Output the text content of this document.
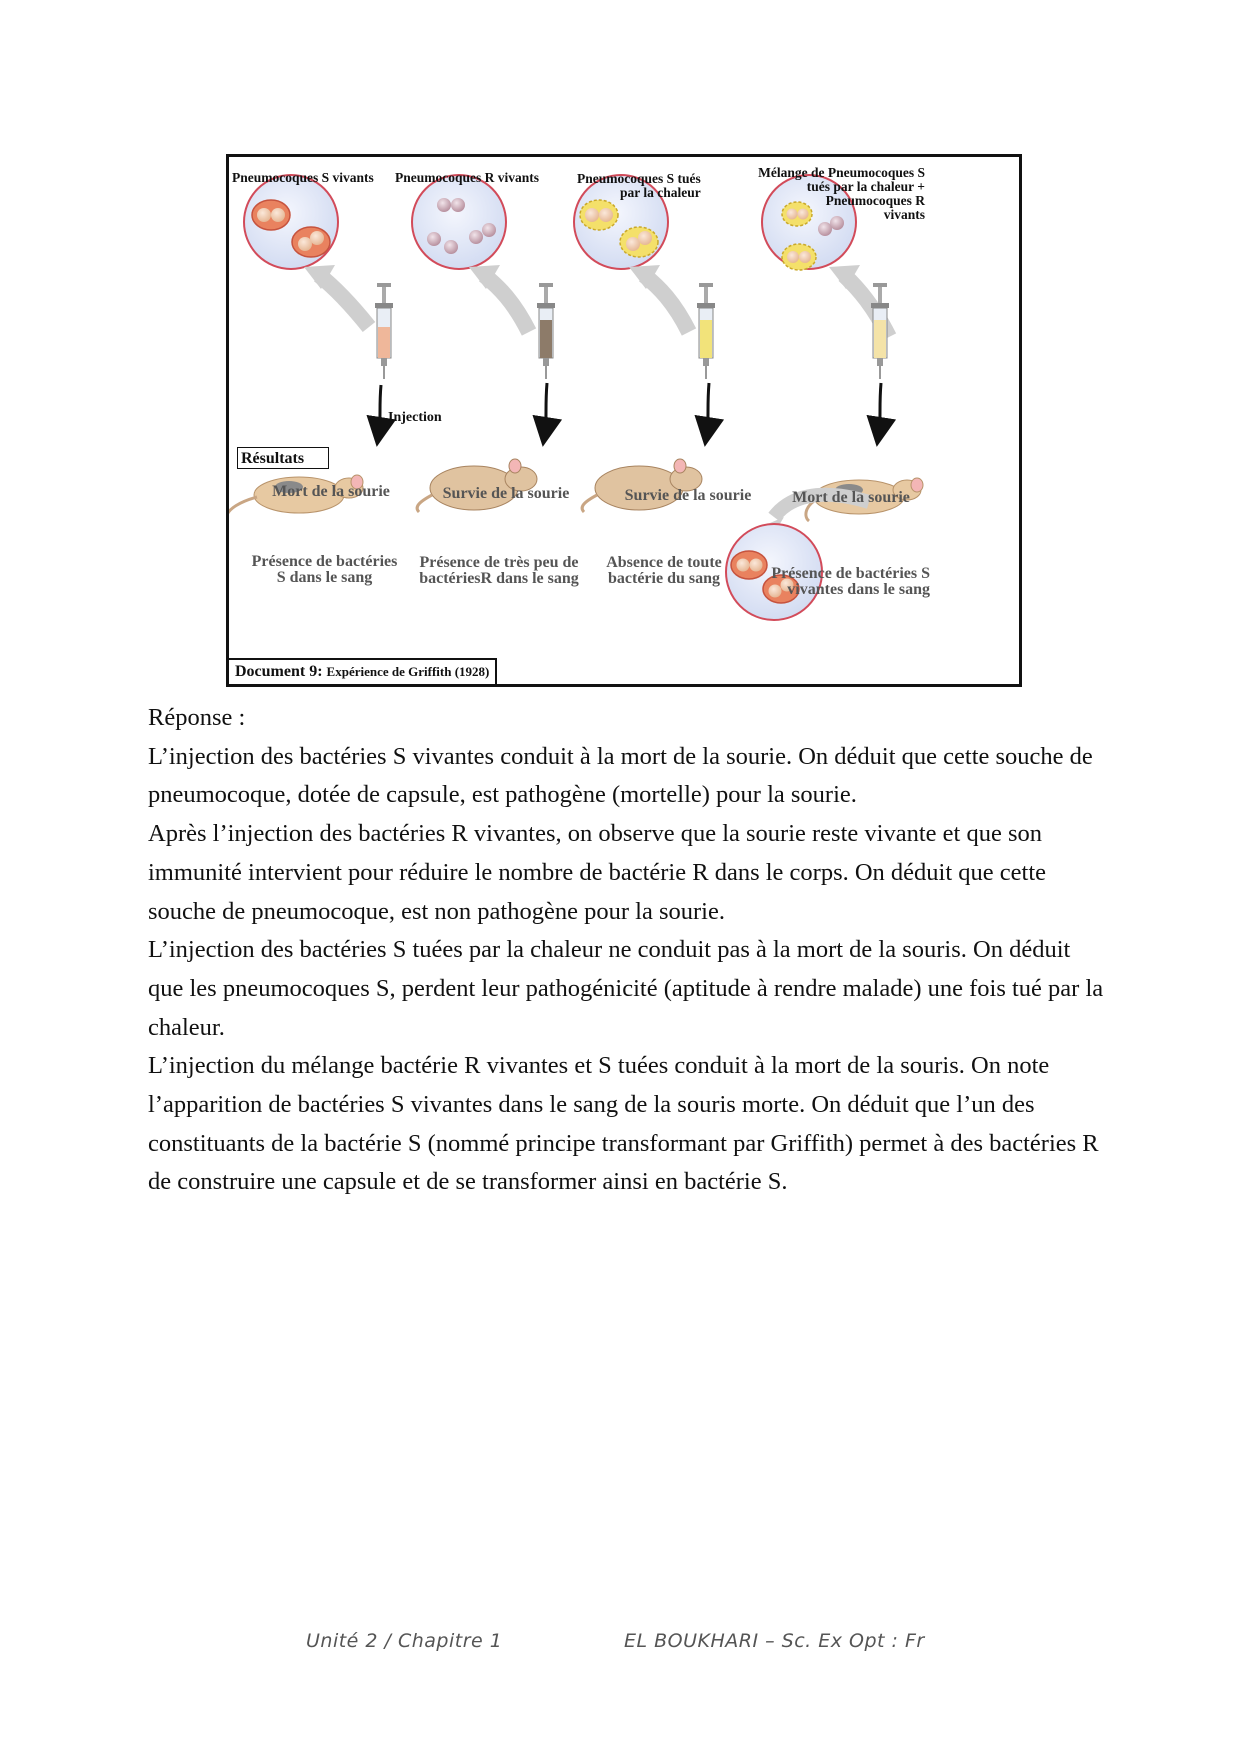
Pneumocoques S vivants Pneumocoques R vivants	Pneumocoques S tués
par la chaleur
Mélange de Pneumocoques S
tués par la chaleur +
Pneumocoques R
vivants
Injection
Résultats
Mort de la sourie	Survie de la sourie	Survie de la sourie	Mort de la sourie
Présence de bactéries
S dans le sang
Présence de très peu de
bactériesR dans le sang
Absence de toute
bactérie du sang	Présence de bactéries S
vivantes dans le sang
Document 9: Expérience de Griffith (1928)

Réponse :

L’injection des bactéries S vivantes conduit à la mort de la sourie. On déduit que cette souche de pneumocoque, dotée de capsule, est pathogène (mortelle) pour la sourie.

Après l’injection des bactéries R vivantes, on observe que la sourie reste vivante et que son immunité intervient pour réduire le nombre de bactérie R dans le corps. On déduit que cette souche de pneumocoque, est non pathogène pour la sourie.

L’injection des bactéries S tuées par la chaleur ne conduit pas à la mort de la souris. On déduit que les pneumocoques S, perdent leur pathogénicité (aptitude à rendre malade) une fois tué par la chaleur.

L’injection du mélange bactérie R vivantes et S tuées conduit à la mort de la souris. On note l’apparition de bactéries S vivantes dans le sang de la souris morte. On déduit que l’un des constituants de la bactérie S (nommé principe transformant par Griffith) permet à des bactéries R de construire une capsule et de se transformer ainsi en bactérie S.

Unité 2 / Chapitre 1	EL BOUKHARI – Sc. Ex Opt : Fr
